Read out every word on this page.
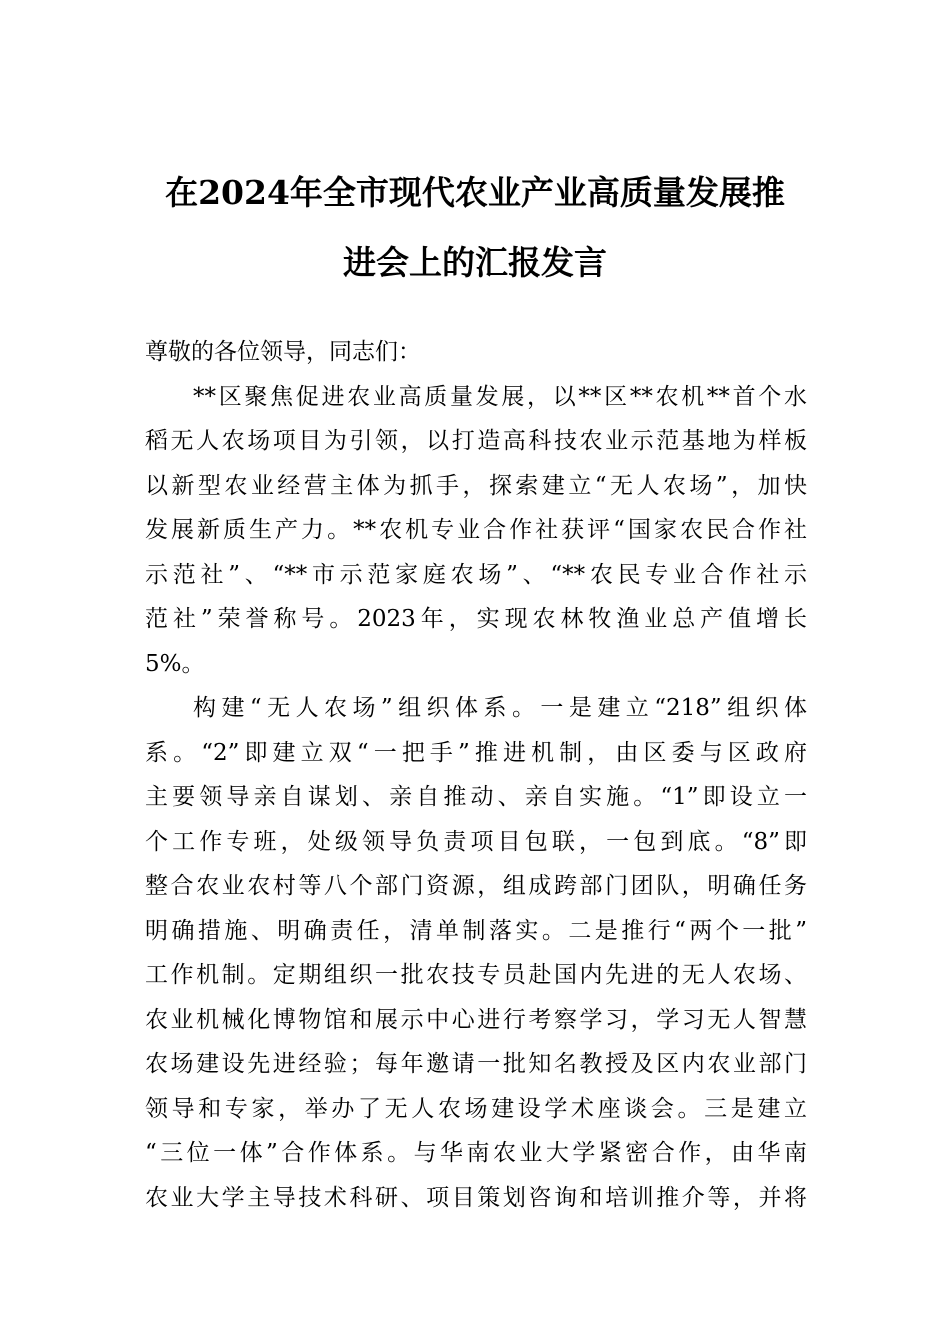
在2024年全市现代农业产业高质量发展推
进会上的汇报发言

尊敬的各位领导，同志们：

**区聚焦促进农业高质量发展，以**区**农机**首个水
稻无人农场项目为引领，以打造高科技农业示范基地为样板
以新型农业经营主体为抓手，探索建立“无人农场”，加快
发展新质生产力。**农机专业合作社获评“国家农民合作社
示范社”、“**市示范家庭农场”、“**农民专业合作社示
范社”荣誉称号。2023年，实现农林牧渔业总产值增长
5%。
构建“无人农场”组织体系。一是建立“218”组织体
系。“2”即建立双“一把手”推进机制，由区委与区政府
主要领导亲自谋划、亲自推动、亲自实施。“1”即设立一
个工作专班，处级领导负责项目包联，一包到底。“8”即
整合农业农村等八个部门资源，组成跨部门团队，明确任务
明确措施、明确责任，清单制落实。二是推行“两个一批”
工作机制。定期组织一批农技专员赴国内先进的无人农场、
农业机械化博物馆和展示中心进行考察学习，学习无人智慧
农场建设先进经验；每年邀请一批知名教授及区内农业部门
领导和专家，举办了无人农场建设学术座谈会。三是建立
“三位一体”合作体系。与华南农业大学紧密合作，由华南
农业大学主导技术科研、项目策划咨询和培训推介等，并将
